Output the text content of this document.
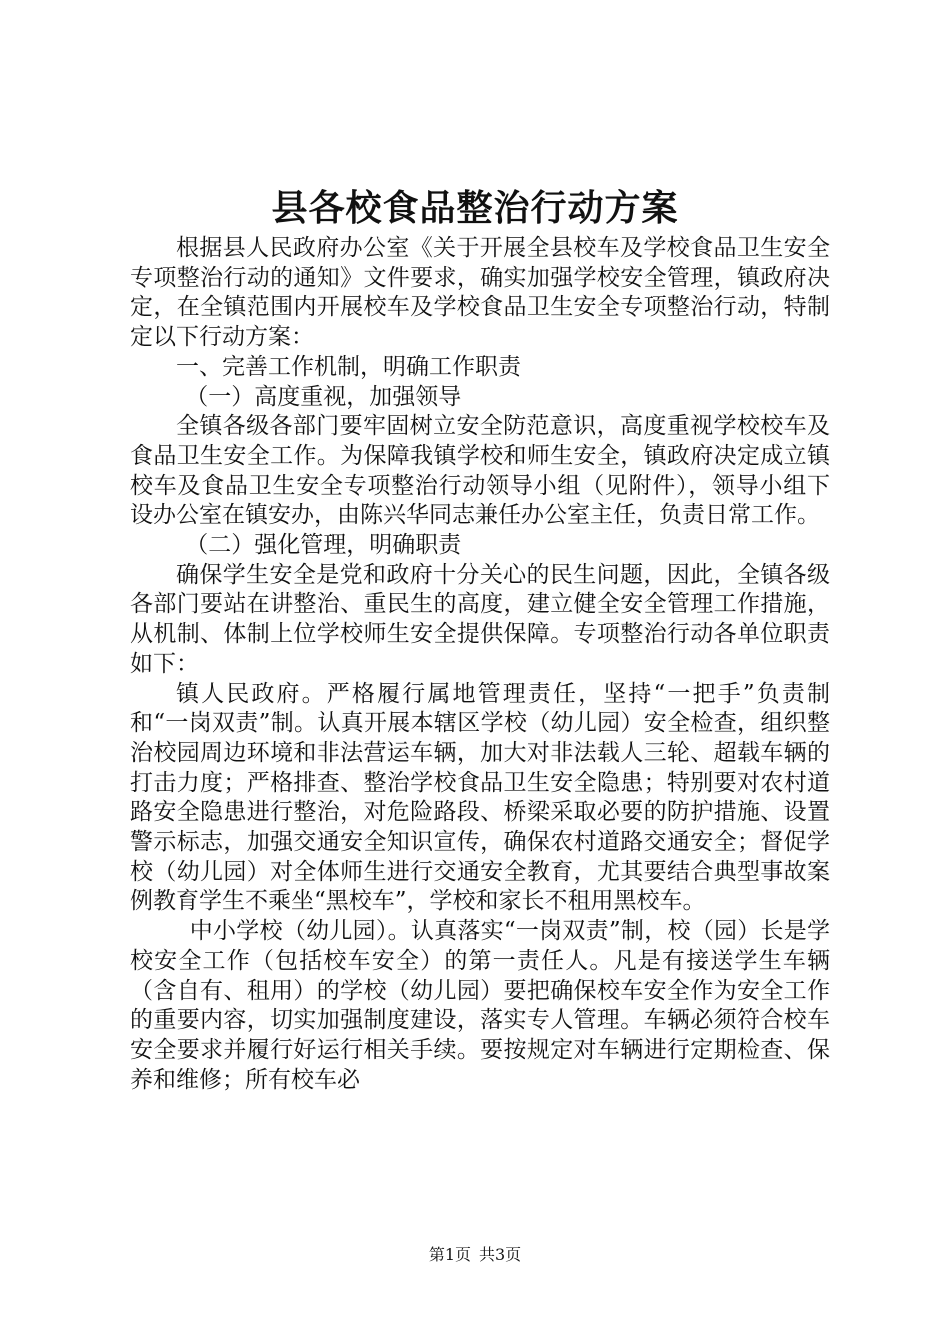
县各校食品整治行动方案

根据县人民政府办公室《关于开展全县校车及学校食品卫生安全专项整治行动的通知》文件要求，确实加强学校安全管理，镇政府决定，在全镇范围内开展校车及学校食品卫生安全专项整治行动，特制定以下行动方案：

一、完善工作机制，明确工作职责

（一）高度重视，加强领导

全镇各级各部门要牢固树立安全防范意识，高度重视学校校车及食品卫生安全工作。为保障我镇学校和师生安全，镇政府决定成立镇校车及食品卫生安全专项整治行动领导小组（见附件），领导小组下设办公室在镇安办，由陈兴华同志兼任办公室主任，负责日常工作。

（二）强化管理，明确职责

确保学生安全是党和政府十分关心的民生问题，因此，全镇各级各部门要站在讲整治、重民生的高度，建立健全安全管理工作措施，从机制、体制上位学校师生安全提供保障。专项整治行动各单位职责如下：

镇人民政府。严格履行属地管理责任，坚持“一把手”负责制和“一岗双责”制。认真开展本辖区学校（幼儿园）安全检查，组织整治校园周边环境和非法营运车辆，加大对非法载人三轮、超载车辆的打击力度；严格排查、整治学校食品卫生安全隐患；特别要对农村道路安全隐患进行整治，对危险路段、桥梁采取必要的防护措施、设置警示标志，加强交通安全知识宣传，确保农村道路交通安全；督促学校（幼儿园）对全体师生进行交通安全教育，尤其要结合典型事故案例教育学生不乘坐“黑校车”，学校和家长不租用黑校车。

中小学校（幼儿园）。认真落实“一岗双责”制，校（园）长是学校安全工作（包括校车安全）的第一责任人。凡是有接送学生车辆（含自有、租用）的学校（幼儿园）要把确保校车安全作为安全工作的重要内容，切实加强制度建设，落实专人管理。车辆必须符合校车安全要求并履行好运行相关手续。要按规定对车辆进行定期检查、保养和维修；所有校车必

第1页 共3页
